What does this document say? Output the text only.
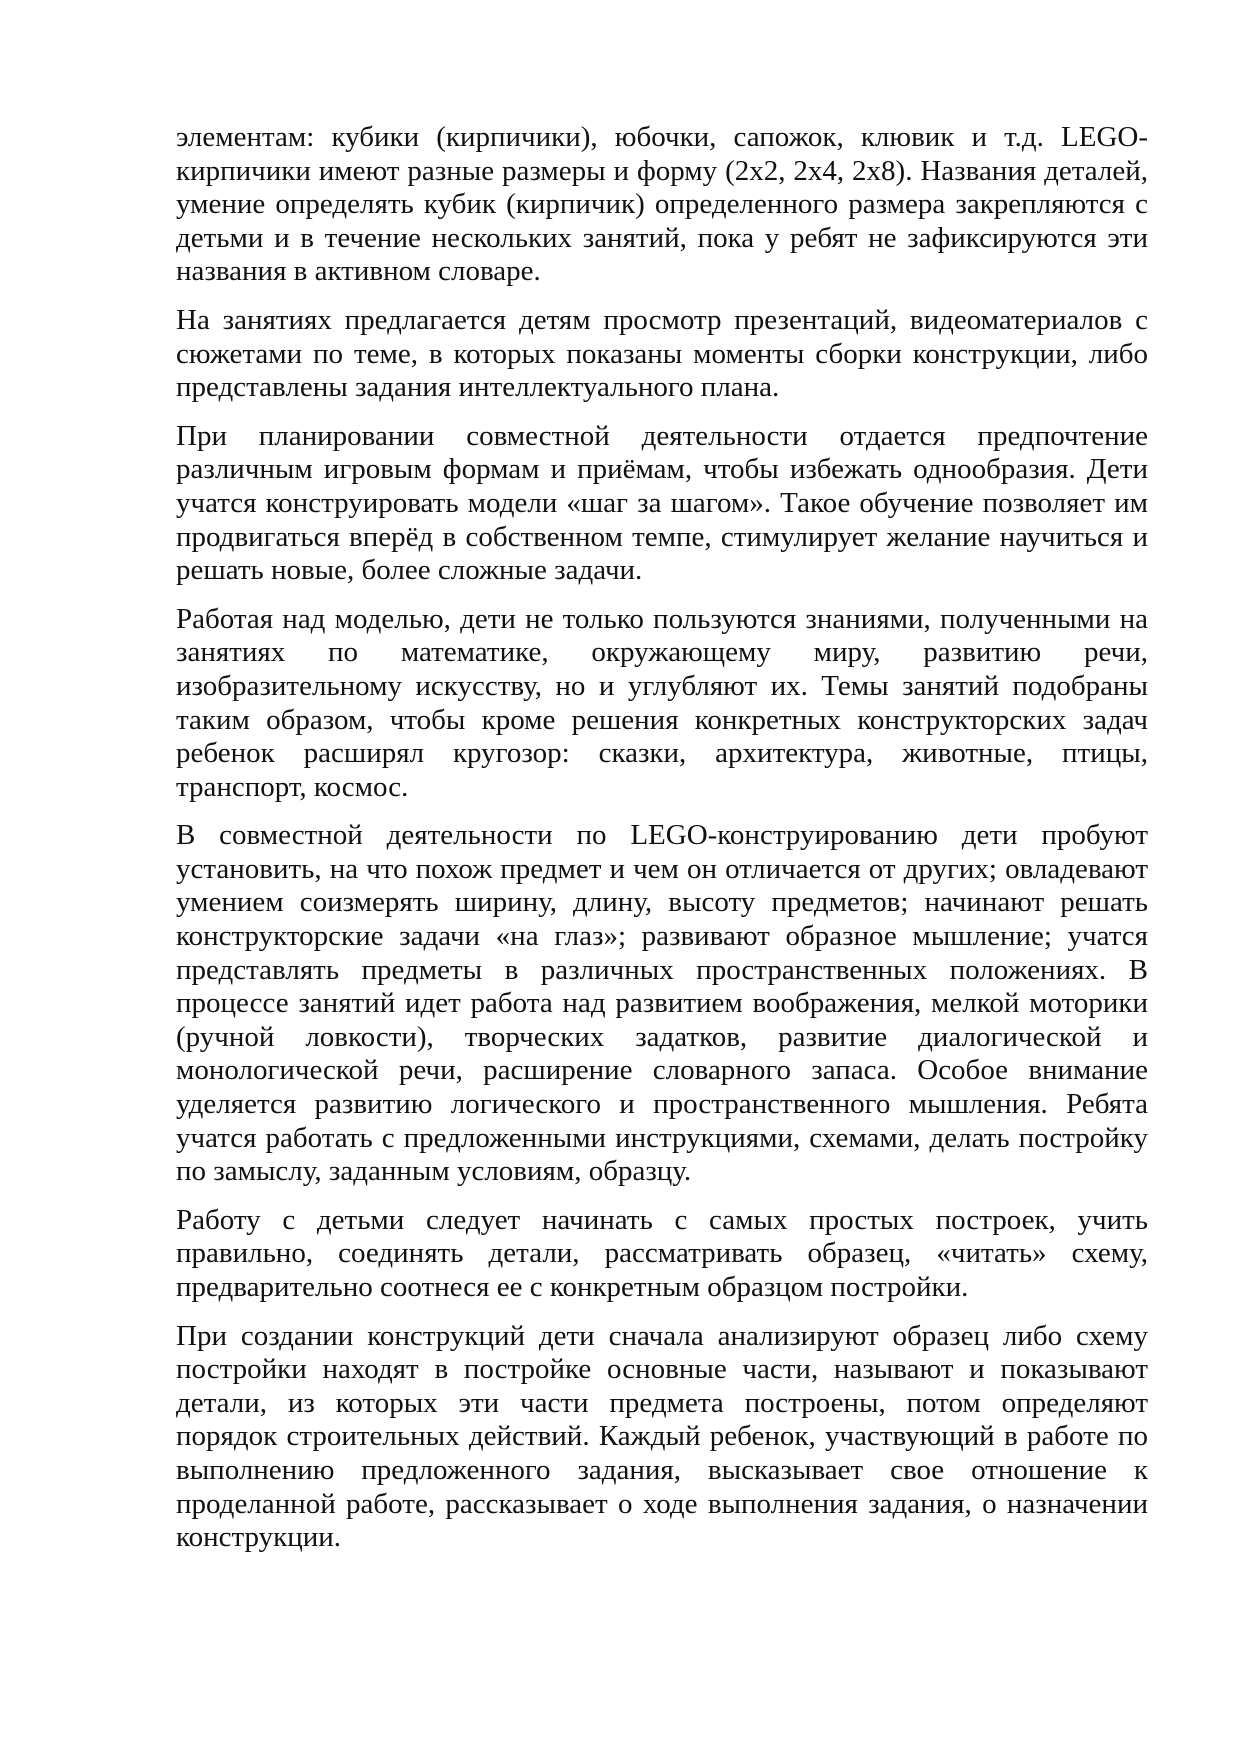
элементам: кубики (кирпичики), юбочки, сапожок, клювик и т.д. LEGO-
кирпичики имеют разные размеры и форму (2х2, 2х4, 2х8). Названия деталей,
умение определять кубик (кирпичик) определенного размера закрепляются с
детьми и в течение нескольких занятий, пока у ребят не зафиксируются эти
названия в активном словаре.
На занятиях предлагается детям просмотр презентаций, видеоматериалов с
сюжетами по теме, в которых показаны моменты сборки конструкции, либо
представлены задания интеллектуального плана.
При планировании совместной деятельности отдается предпочтение
различным игровым формам и приёмам, чтобы избежать однообразия. Дети
учатся конструировать модели «шаг за шагом». Такое обучение позволяет им
продвигаться вперёд в собственном темпе, стимулирует желание научиться и
решать новые, более сложные задачи.
Работая над моделью, дети не только пользуются знаниями, полученными на
занятиях по математике, окружающему миру, развитию речи,
изобразительному искусству, но и углубляют их. Темы занятий подобраны
таким образом, чтобы кроме решения конкретных конструкторских задач
ребенок расширял кругозор: сказки, архитектура, животные, птицы,
транспорт, космос.
В совместной деятельности по LEGO-конструированию дети пробуют
установить, на что похож предмет и чем он отличается от других; овладевают
умением соизмерять ширину, длину, высоту предметов; начинают решать
конструкторские задачи «на глаз»; развивают образное мышление; учатся
представлять предметы в различных пространственных положениях. В
процессе занятий идет работа над развитием воображения, мелкой моторики
(ручной ловкости), творческих задатков, развитие диалогической и
монологической речи, расширение словарного запаса. Особое внимание
уделяется развитию логического и пространственного мышления. Ребята
учатся работать с предложенными инструкциями, схемами, делать постройку
по замыслу, заданным условиям, образцу.
Работу с детьми следует начинать с самых простых построек, учить
правильно, соединять детали, рассматривать образец, «читать» схему,
предварительно соотнеся ее с конкретным образцом постройки.
При создании конструкций дети сначала анализируют образец либо схему
постройки находят в постройке основные части, называют и показывают
детали, из которых эти части предмета построены, потом определяют
порядок строительных действий. Каждый ребенок, участвующий в работе по
выполнению предложенного задания, высказывает свое отношение к
проделанной работе, рассказывает о ходе выполнения задания, о назначении
конструкции.
